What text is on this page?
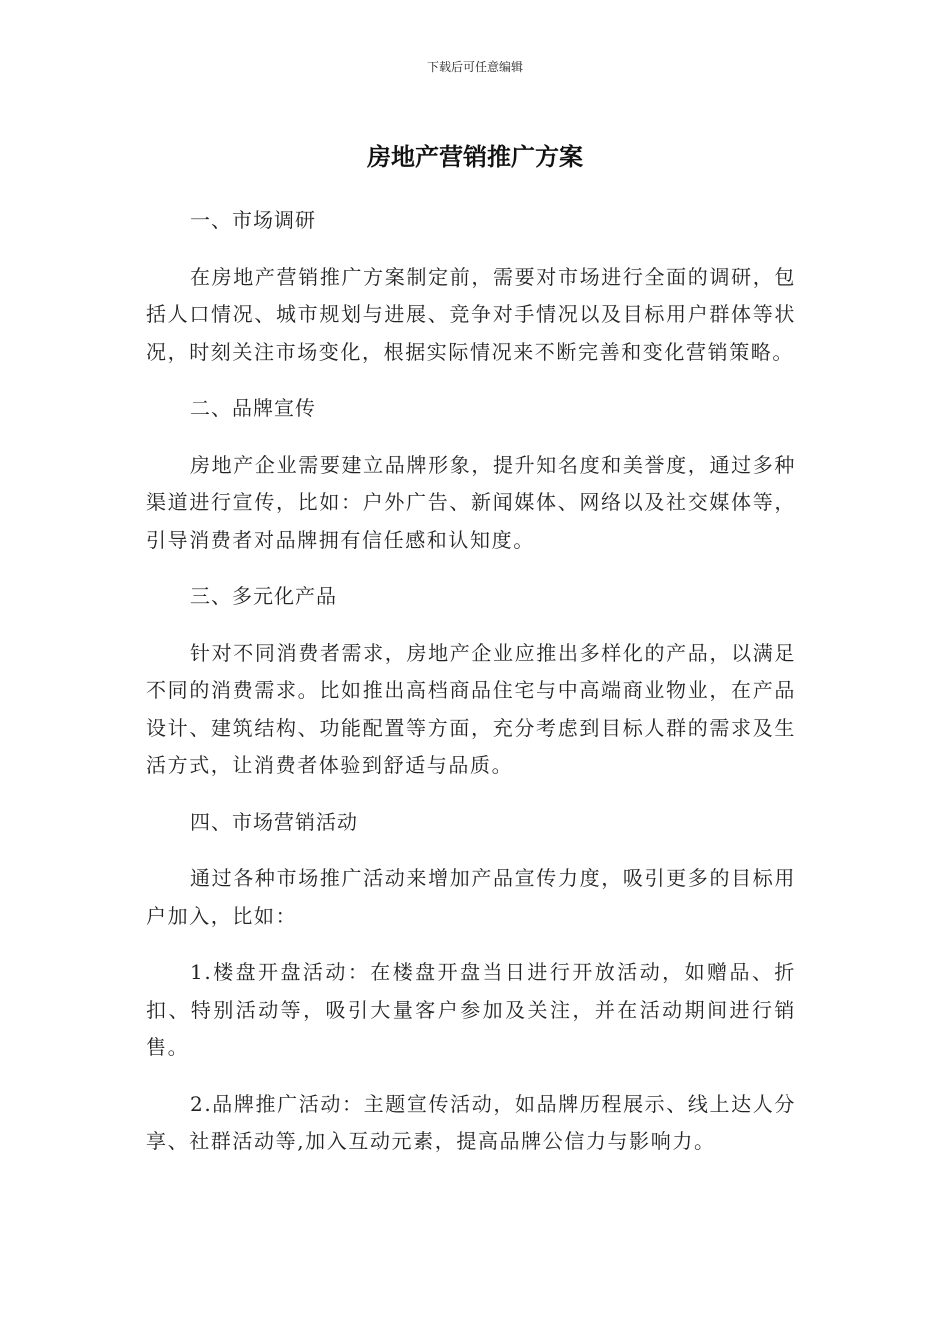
下载后可任意编辑
房地产营销推广方案

一、市场调研

在房地产营销推广方案制定前，需要对市场进行全面的调研，包括人口情况、城市规划与进展、竞争对手情况以及目标用户群体等状况，时刻关注市场变化，根据实际情况来不断完善和变化营销策略。

二、品牌宣传

房地产企业需要建立品牌形象，提升知名度和美誉度，通过多种渠道进行宣传，比如：户外广告、新闻媒体、网络以及社交媒体等，引导消费者对品牌拥有信任感和认知度。

三、多元化产品

针对不同消费者需求，房地产企业应推出多样化的产品，以满足不同的消费需求。比如推出高档商品住宅与中高端商业物业，在产品设计、建筑结构、功能配置等方面，充分考虑到目标人群的需求及生活方式，让消费者体验到舒适与品质。

四、市场营销活动

通过各种市场推广活动来增加产品宣传力度，吸引更多的目标用户加入，比如：

1.楼盘开盘活动：在楼盘开盘当日进行开放活动，如赠品、折扣、特别活动等，吸引大量客户参加及关注，并在活动期间进行销售。

2.品牌推广活动：主题宣传活动，如品牌历程展示、线上达人分享、社群活动等,加入互动元素，提高品牌公信力与影响力。
